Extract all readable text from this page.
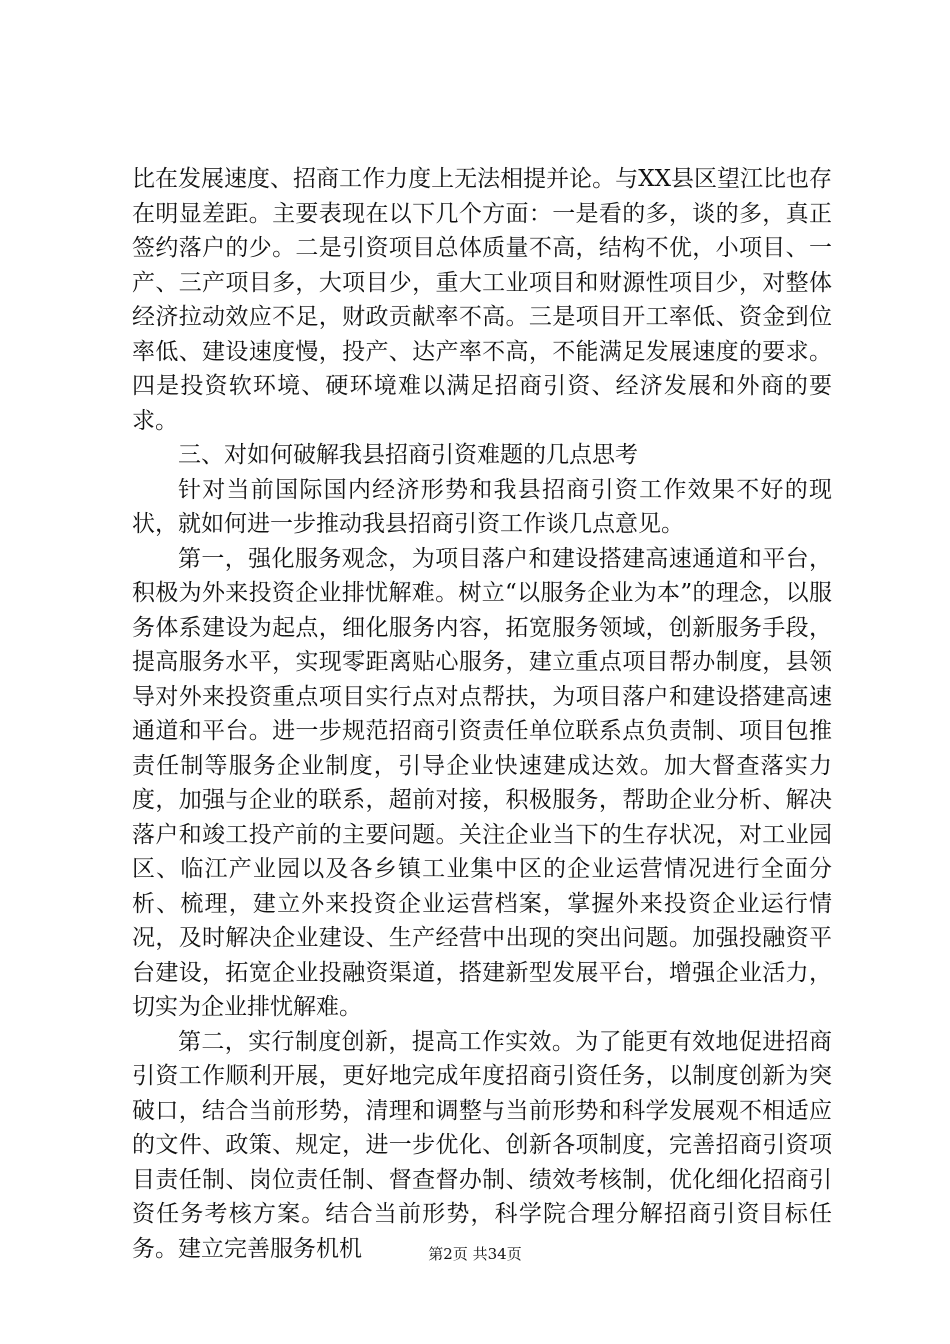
比在发展速度、招商工作力度上无法相提并论。与XX县区望江比也存在明显差距。主要表现在以下几个方面：一是看的多，谈的多，真正签约落户的少。二是引资项目总体质量不高，结构不优，小项目、一产、三产项目多，大项目少，重大工业项目和财源性项目少，对整体经济拉动效应不足，财政贡献率不高。三是项目开工率低、资金到位率低、建设速度慢，投产、达产率不高，不能满足发展速度的要求。四是投资软环境、硬环境难以满足招商引资、经济发展和外商的要求。

三、对如何破解我县招商引资难题的几点思考

针对当前国际国内经济形势和我县招商引资工作效果不好的现状，就如何进一步推动我县招商引资工作谈几点意见。

第一，强化服务观念，为项目落户和建设搭建高速通道和平台，积极为外来投资企业排忧解难。树立“以服务企业为本”的理念，以服务体系建设为起点，细化服务内容，拓宽服务领域，创新服务手段，提高服务水平，实现零距离贴心服务，建立重点项目帮办制度，县领导对外来投资重点项目实行点对点帮扶，为项目落户和建设搭建高速通道和平台。进一步规范招商引资责任单位联系点负责制、项目包推责任制等服务企业制度，引导企业快速建成达效。加大督查落实力度，加强与企业的联系，超前对接，积极服务，帮助企业分析、解决落户和竣工投产前的主要问题。关注企业当下的生存状况，对工业园区、临江产业园以及各乡镇工业集中区的企业运营情况进行全面分析、梳理，建立外来投资企业运营档案，掌握外来投资企业运行情况，及时解决企业建设、生产经营中出现的突出问题。加强投融资平台建设，拓宽企业投融资渠道，搭建新型发展平台，增强企业活力，切实为企业排忧解难。

第二，实行制度创新，提高工作实效。为了能更有效地促进招商引资工作顺利开展，更好地完成年度招商引资任务，以制度创新为突破口，结合当前形势，清理和调整与当前形势和科学发展观不相适应的文件、政策、规定，进一步优化、创新各项制度，完善招商引资项目责任制、岗位责任制、督查督办制、绩效考核制，优化细化招商引资任务考核方案。结合当前形势，科学院合理分解招商引资目标任务。建立完善服务机机	第2页 共34页
